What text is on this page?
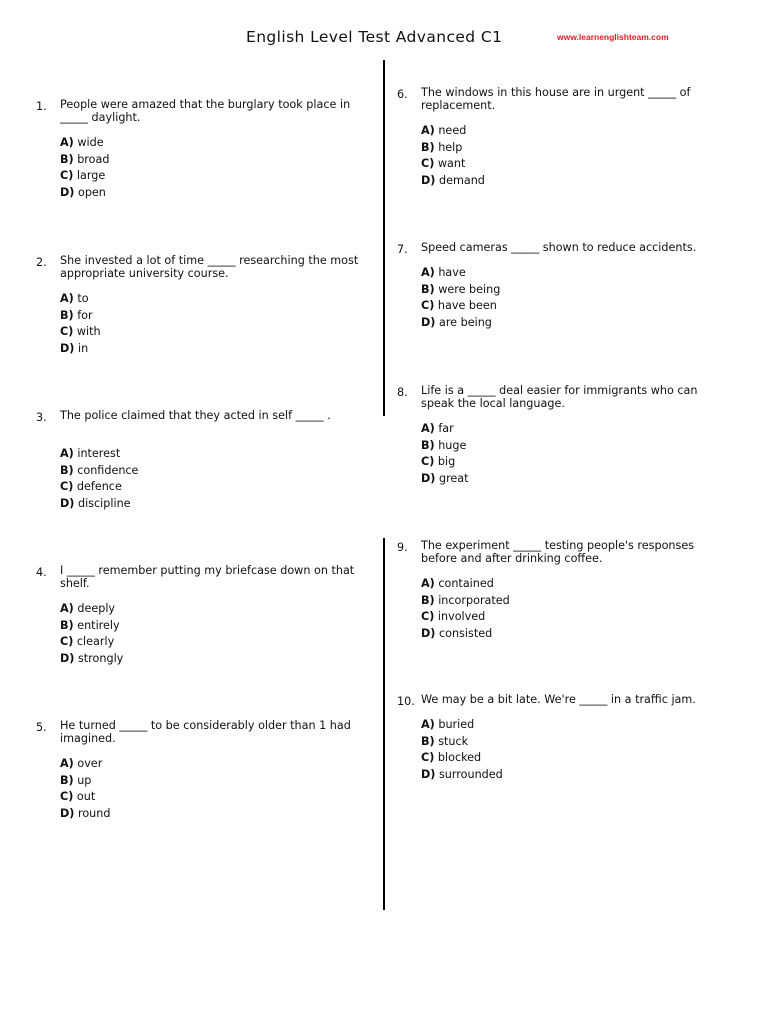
English Level Test Advanced C1	www.learnenglishteam.com
1. People were amazed that the burglary took place in _____ daylight.
A) wide
B) broad
C) large
D) open
2. She invested a lot of time _____ researching the most appropriate university course.
A) to
B) for
C) with
D) in
3. The police claimed that they acted in self _____ .
A) interest
B) confidence
C) defence
D) discipline
4. I _____ remember putting my briefcase down on that shelf.
A) deeply
B) entirely
C) clearly
D) strongly
5. He turned _____ to be considerably older than 1 had imagined.
A) over
B) up
C) out
D) round
6. The windows in this house are in urgent _____ of replacement.
A) need
B) help
C) want
D) demand
7. Speed cameras _____ shown to reduce accidents.
A) have
B) were being
C) have been
D) are being
8. Life is a _____ deal easier for immigrants who can speak the local language.
A) far
B) huge
C) big
D) great
9. The experiment _____ testing people's responses before and after drinking coffee.
A) contained
B) incorporated
C) involved
D) consisted
10. We may be a bit late. We're _____ in a traffic jam.
A) buried
B) stuck
C) blocked
D) surrounded
